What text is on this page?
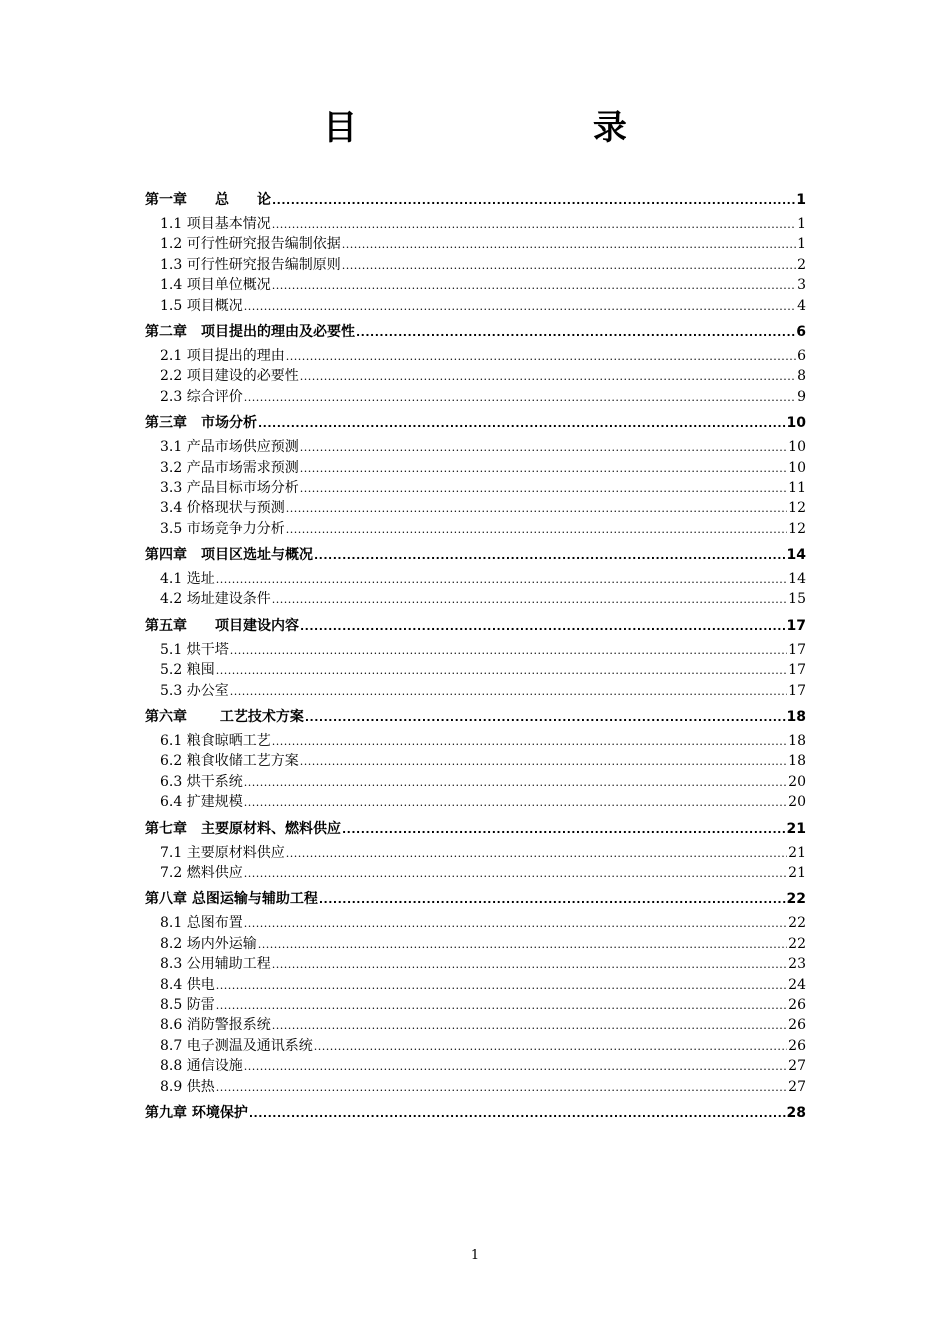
目 录
第一章　　总　　论 .....	1
1.1 项目基本情况 .....	1
1.2 可行性研究报告编制依据 .....	1
1.3 可行性研究报告编制原则 .....	2
1.4 项目单位概况 .....	3
1.5 项目概况 .....	4
第二章　项目提出的理由及必要性 .....	6
2.1 项目提出的理由 .....	6
2.2 项目建设的必要性 .....	8
2.3 综合评价 .....	9
第三章　市场分析 .....	10
3.1 产品市场供应预测 .....	10
3.2 产品市场需求预测 .....	10
3.3 产品目标市场分析 .....	11
3.4 价格现状与预测 .....	12
3.5 市场竞争力分析 .....	12
第四章　项目区选址与概况 .....	14
4.1 选址 .....	14
4.2 场址建设条件 .....	15
第五章　　项目建设内容 .....	17
5.1 烘干塔 .....	17
5.2 粮囤 .....	17
5.3 办公室 .....	17
第六章　　 工艺技术方案 .....	18
6.1 粮食晾晒工艺 .....	18
6.2 粮食收储工艺方案 .....	18
6.3 烘干系统 .....	20
6.4 扩建规模 .....	20
第七章　主要原材料、燃料供应 .....	21
7.1 主要原材料供应 .....	21
7.2 燃料供应 .....	21
第八章 总图运输与辅助工程 .....	22
8.1 总图布置 .....	22
8.2 场内外运输 .....	22
8.3 公用辅助工程 .....	23
8.4 供电 .....	24
8.5 防雷 .....	26
8.6 消防警报系统 .....	26
8.7 电子测温及通讯系统 .....	26
8.8 通信设施 .....	27
8.9 供热 .....	27
第九章 环境保护 .....	28
1
